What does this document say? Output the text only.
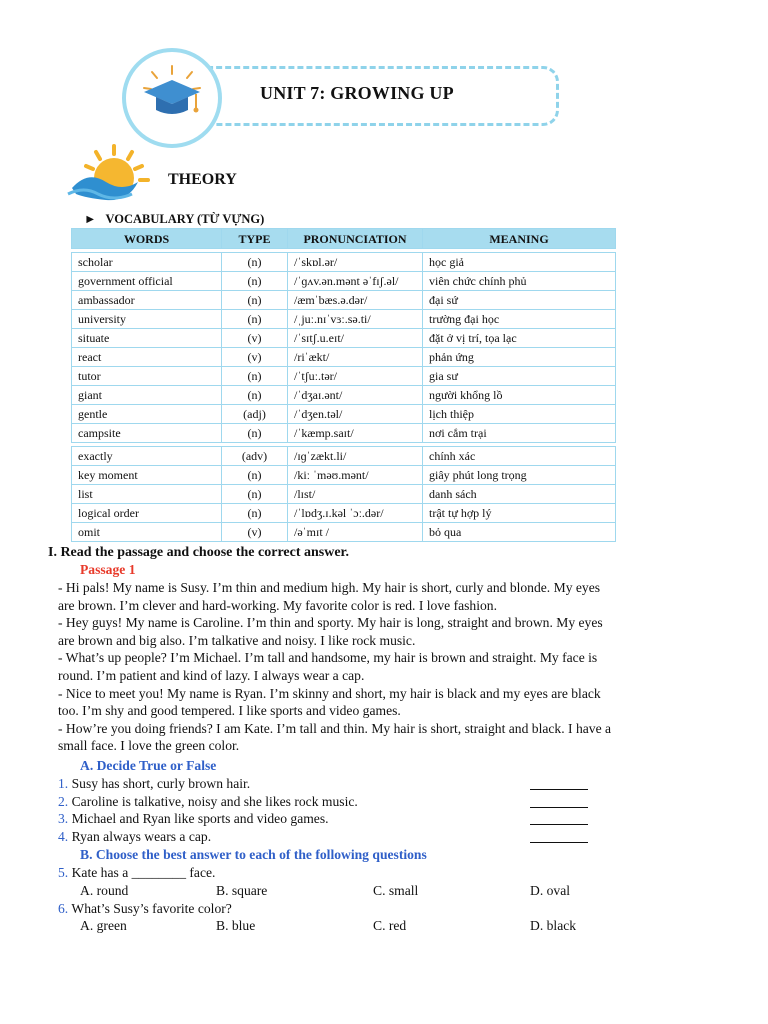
UNIT 7: GROWING UP
THEORY
► VOCABULARY (TỪ VỰNG)
WORDS	TYPE	PRONUNCIATION	MEANING

scholar	(n)	/ˈskɒl.ər/	học giả
government official	(n)	/ˈɡʌv.ən.mənt əˈfɪʃ.əl/	viên chức chính phủ
ambassador	(n)	/æmˈbæs.ə.dər/	đại sứ
university	(n)	/ˌjuː.nɪˈvɜː.sə.ti/	trường đại học
situate	(v)	/ˈsɪtʃ.u.eɪt/	đặt ở vị trí, tọa lạc
react	(v)	/riˈækt/	phản ứng
tutor	(n)	/ˈtʃuː.tər/	gia sư
giant	(n)	/ˈdʒaɪ.ənt/	người khổng lồ
gentle	(adj)	/ˈdʒen.təl/	lịch thiệp
campsite	(n)	/ˈkæmp.saɪt/	nơi cắm trại

exactly	(adv)	/ɪɡˈzækt.li/	chính xác
key moment	(n)	/kiː ˈməʊ.mənt/	giây phút long trọng
list	(n)	/lɪst/	danh sách
logical order	(n)	/ˈlɒdʒ.ɪ.kəl ˈɔː.dər/	trật tự hợp lý
omit	(v)	/əˈmɪt /	bỏ qua
I. Read the passage and choose the correct answer.
Passage 1
- Hi pals! My name is Susy. I’m thin and medium high. My hair is short, curly and blonde. My eyes
are brown. I’m clever and hard-working. My favorite color is red. I love fashion.
- Hey guys! My name is Caroline. I’m thin and sporty. My hair is long, straight and brown. My eyes
are brown and big also. I’m talkative and noisy. I like rock music.
- What’s up people? I’m Michael. I’m tall and handsome, my hair is brown and straight. My face is
round. I’m patient and kind of lazy. I always wear a cap.
- Nice to meet you! My name is Ryan. I’m skinny and short, my hair is black and my eyes are black
too. I’m shy and good tempered. I like sports and video games.
- How’re you doing friends? I am Kate. I’m tall and thin. My hair is short, straight and black. I have a
small face. I love the green color.
A. Decide True or False
1. Susy has short, curly brown hair.
2. Caroline is talkative, noisy and she likes rock music.
3. Michael and Ryan like sports and video games.
4. Ryan always wears a cap.
B. Choose the best answer to each of the following questions
5. Kate has a ________ face.
A. round	B. square	C. small	D. oval
6. What’s Susy’s favorite color?
A. green	B. blue	C. red	D. black
